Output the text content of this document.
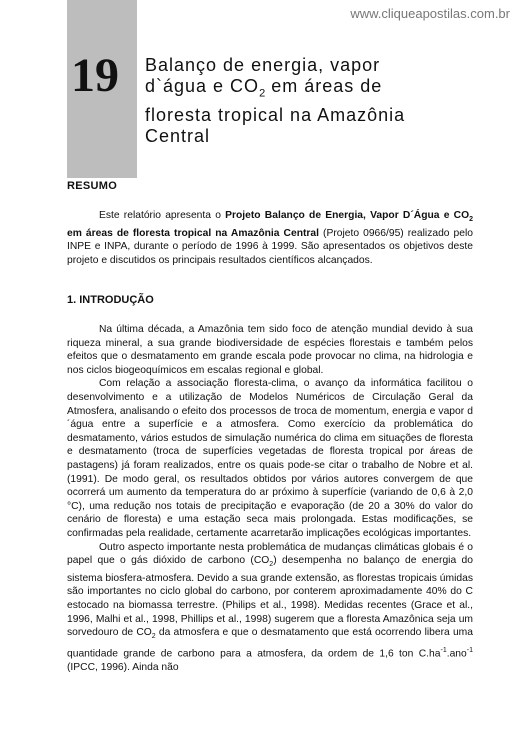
www.cliqueapostilas.com.br
19 Balanço de energia, vapor
d`água e $CO_2$ em áreas de
floresta tropical na Amazônia
Central
RESUMO

Este relatório apresenta o Projeto Balanço de Energia, Vapor D´Água e $CO_2$ em áreas de floresta tropical na Amazônia Central (Projeto 0966/95) realizado pelo INPE e INPA, durante o período de 1996 à 1999. São apresentados os objetivos deste projeto e discutidos os principais resultados científicos alcançados.

1. INTRODUÇÃO

Na última década, a Amazônia tem sido foco de atenção mundial devido à sua riqueza mineral, a sua grande biodiversidade de espécies florestais e também pelos efeitos que o desmatamento em grande escala pode provocar no clima, na hidrologia e nos ciclos biogeoquímicos em escalas regional e global.

Com relação a associação floresta-clima, o avanço da informática facilitou o desenvolvimento e a utilização de Modelos Numéricos de Circulação Geral da Atmosfera, analisando o efeito dos processos de troca de momentum, energia e vapor d´água entre a superfície e a atmosfera. Como exercício da problemática do desmatamento, vários estudos de simulação numérica do clima em situações de floresta e desmatamento (troca de superfícies vegetadas de floresta tropical por áreas de pastagens) já foram realizados, entre os quais pode-se citar o trabalho de Nobre et al. (1991). De modo geral, os resultados obtidos por vários autores convergem de que ocorrerá um aumento da temperatura do ar próximo à superfície (variando de 0,6 à 2,0 °C), uma redução nos totais de precipitação e evaporação (de 20 a 30% do valor do cenário de floresta) e uma estação seca mais prolongada. Estas modificações, se confirmadas pela realidade, certamente acarretarão implicações ecológicas importantes.

Outro aspecto importante nesta problemática de mudanças climáticas globais é o papel que o gás dióxido de carbono $(CO_2)$ desempenha no balanço de energia do sistema biosfera-atmosfera. Devido a sua grande extensão, as florestas tropicais úmidas são importantes no ciclo global do carbono, por conterem aproximadamente 40% do C estocado na biomassa terrestre. (Philips et al., 1998). Medidas recentes (Grace et al., 1996, Malhi et al., 1998, Phillips et al., 1998) sugerem que a floresta Amazônica seja um sorvedouro de $CO_2$ da atmosfera e que o desmatamento que está ocorrendo libera uma quantidade grande de carbono para a atmosfera, da ordem de 1,6 ton $C.ha^{-1}.ano^{-1}$ (IPCC, 1996). Ainda não
